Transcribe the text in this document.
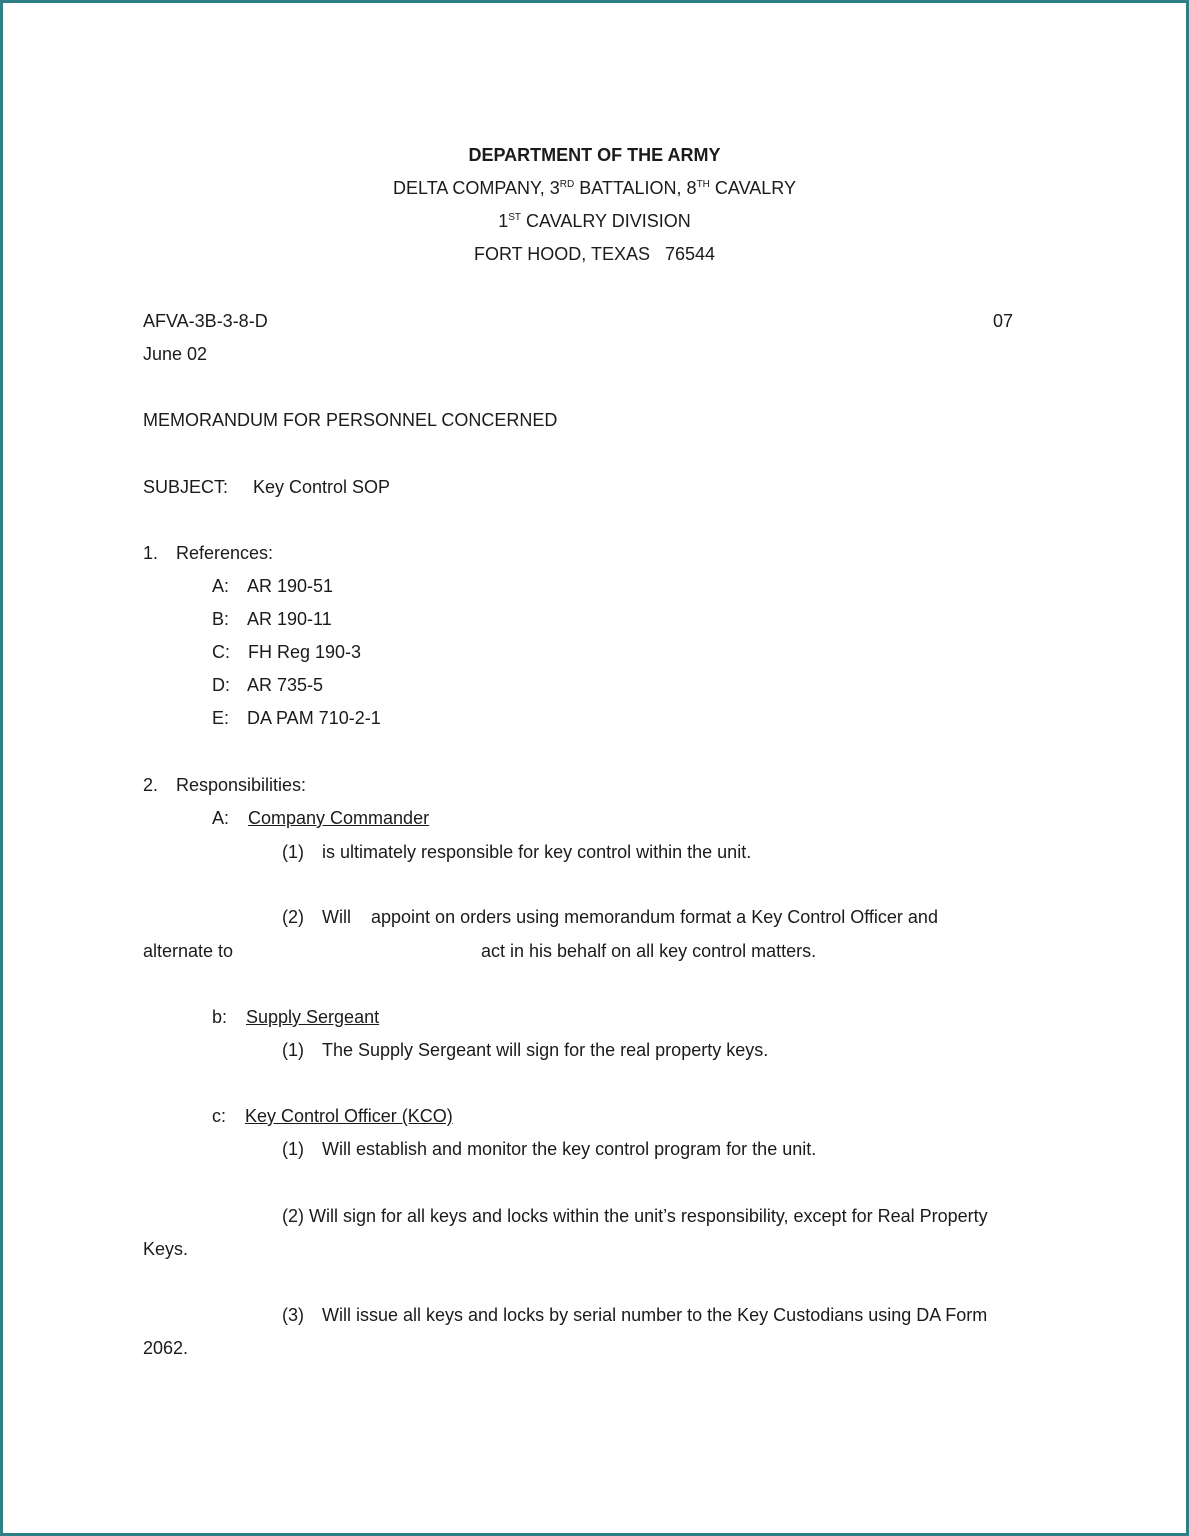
DEPARTMENT OF THE ARMY
DELTA COMPANY, 3RD BATTALION, 8TH CAVALRY
1ST CAVALRY DIVISION
FORT HOOD, TEXAS   76544
AFVA-3B-3-8-D	07
June 02
MEMORANDUM FOR PERSONNEL CONCERNED
SUBJECT: Key Control SOP
1. References:
A: AR 190-51
B: AR 190-11
C: FH Reg 190-3
D: AR 735-5
E: DA PAM 710-2-1
2. Responsibilities:
A: Company Commander
(1) is ultimately responsible for key control within the unit.
(2) Will appoint on orders using memorandum format a Key Control Officer and
alternate to	act in his behalf on all key control matters.
b: Supply Sergeant
(1) The Supply Sergeant will sign for the real property keys.
c: Key Control Officer (KCO)
(1) Will establish and monitor the key control program for the unit.
(2) Will sign for all keys and locks within the unit’s responsibility, except for Real Property
Keys.
(3) Will issue all keys and locks by serial number to the Key Custodians using DA Form
2062.
